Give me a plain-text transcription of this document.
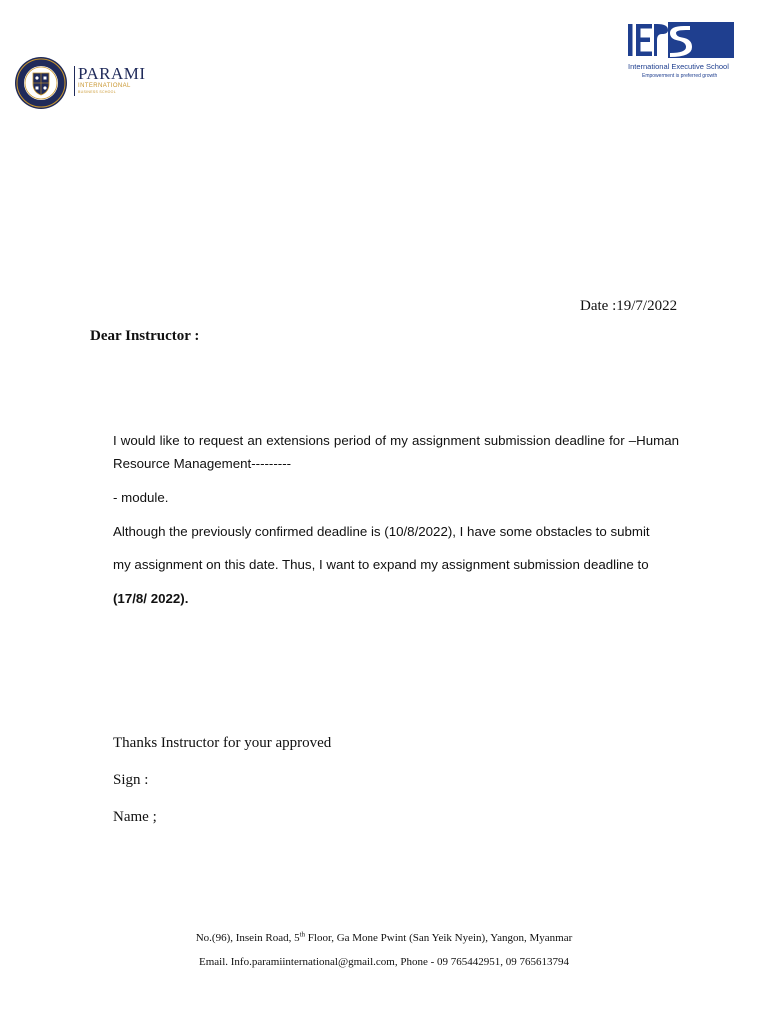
PARAMI
INTERNATIONAL
BUSINESS SCHOOL
International Executive School
Empowerment is preferred growth
Date :19/7/2022
Dear Instructor :
I would like to request an extensions period of my assignment submission deadline for –Human Resource Management---------
- module.
Although the previously confirmed deadline is (10/8/2022), I have some obstacles to submit
my assignment on this date. Thus, I want to expand my assignment submission deadline to
(17/8/ 2022).
Thanks Instructor for your approved
Sign :
Name ;
No.(96), Insein Road, 5th Floor, Ga Mone Pwint (San Yeik Nyein), Yangon, Myanmar
Email. Info.paramiinternational@gmail.com, Phone - 09 765442951, 09 765613794
